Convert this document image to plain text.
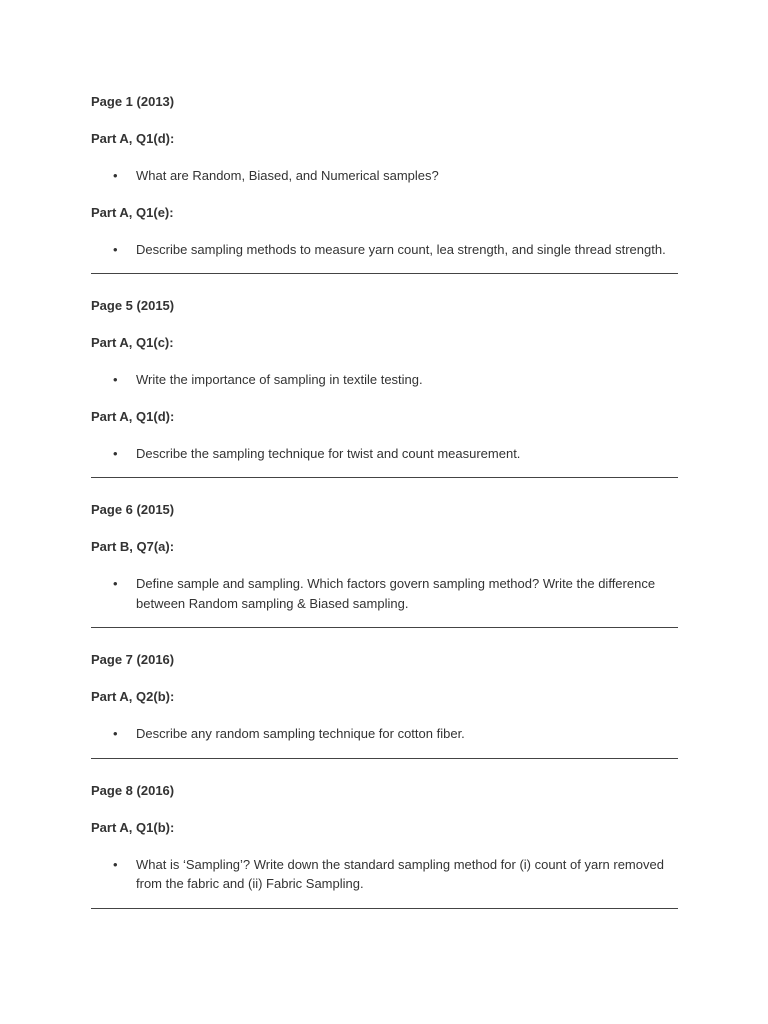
Page 1 (2013)
Part A, Q1(d):
• What are Random, Biased, and Numerical samples?
Part A, Q1(e):
• Describe sampling methods to measure yarn count, lea strength, and single thread strength.
Page 5 (2015)
Part A, Q1(c):
• Write the importance of sampling in textile testing.
Part A, Q1(d):
• Describe the sampling technique for twist and count measurement.
Page 6 (2015)
Part B, Q7(a):
• Define sample and sampling. Which factors govern sampling method? Write the difference between Random sampling & Biased sampling.
Page 7 (2016)
Part A, Q2(b):
• Describe any random sampling technique for cotton fiber.
Page 8 (2016)
Part A, Q1(b):
• What is ‘Sampling’? Write down the standard sampling method for (i) count of yarn removed from the fabric and (ii) Fabric Sampling.
